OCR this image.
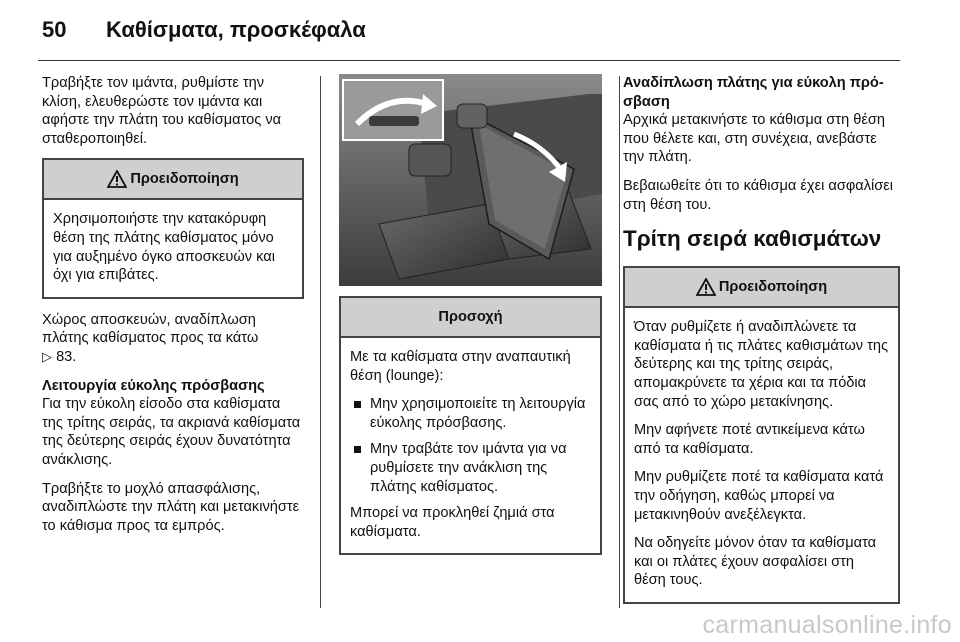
50	Καθίσματα, προσκέφαλα

Τραβήξτε τον ιμάντα, ρυθμίστε την κλίση, ελευθερώστε τον ιμάντα και αφήστε την πλάτη του καθίσματος να σταθεροποιηθεί.

Προειδοποίηση

Χρησιμοποιήστε την κατακόρυφη θέση της πλάτης καθίσματος μόνο για αυξημένο όγκο αποσκευών και όχι για επιβάτες.

Χώρος αποσκευών, αναδίπλωση πλάτης καθίσματος προς τα κάτω
▷ 83.

Λειτουργία εύκολης πρόσβασης

Για την εύκολη είσοδο στα καθίσματα της τρίτης σειράς, τα ακριανά καθίσματα της δεύτερης σειράς έχουν δυνατότητα ανάκλισης.

Τραβήξτε το μοχλό απασφάλισης, αναδιπλώστε την πλάτη και μετακινήστε το κάθισμα προς τα εμπρός.

Προσοχή

Με τα καθίσματα στην αναπαυτική θέση (lounge):

Μην χρησιμοποιείτε τη λειτουργία εύκολης πρόσβασης.
Μην τραβάτε τον ιμάντα για να ρυθμίσετε την ανάκλιση της πλάτης καθίσματος.

Μπορεί να προκληθεί ζημιά στα καθίσματα.

Αναδίπλωση πλάτης για εύκολη πρόσβαση

Αρχικά μετακινήστε το κάθισμα στη θέση που θέλετε και, στη συνέχεια, ανεβάστε την πλάτη.

Βεβαιωθείτε ότι το κάθισμα έχει ασφαλίσει στη θέση του.

Τρίτη σειρά καθισμάτων
Προειδοποίηση

Όταν ρυθμίζετε ή αναδιπλώνετε τα καθίσματα ή τις πλάτες καθισμάτων της δεύτερης και της τρίτης σειράς, απομακρύνετε τα χέρια και τα πόδια σας από το χώρο μετακίνησης.

Μην αφήνετε ποτέ αντικείμενα κάτω από τα καθίσματα.

Μην ρυθμίζετε ποτέ τα καθίσματα κατά την οδήγηση, καθώς μπορεί να μετακινηθούν ανεξέλεγκτα.

Να οδηγείτε μόνον όταν τα καθίσματα και οι πλάτες έχουν ασφαλίσει στη θέση τους.

carmanualsonline.info
